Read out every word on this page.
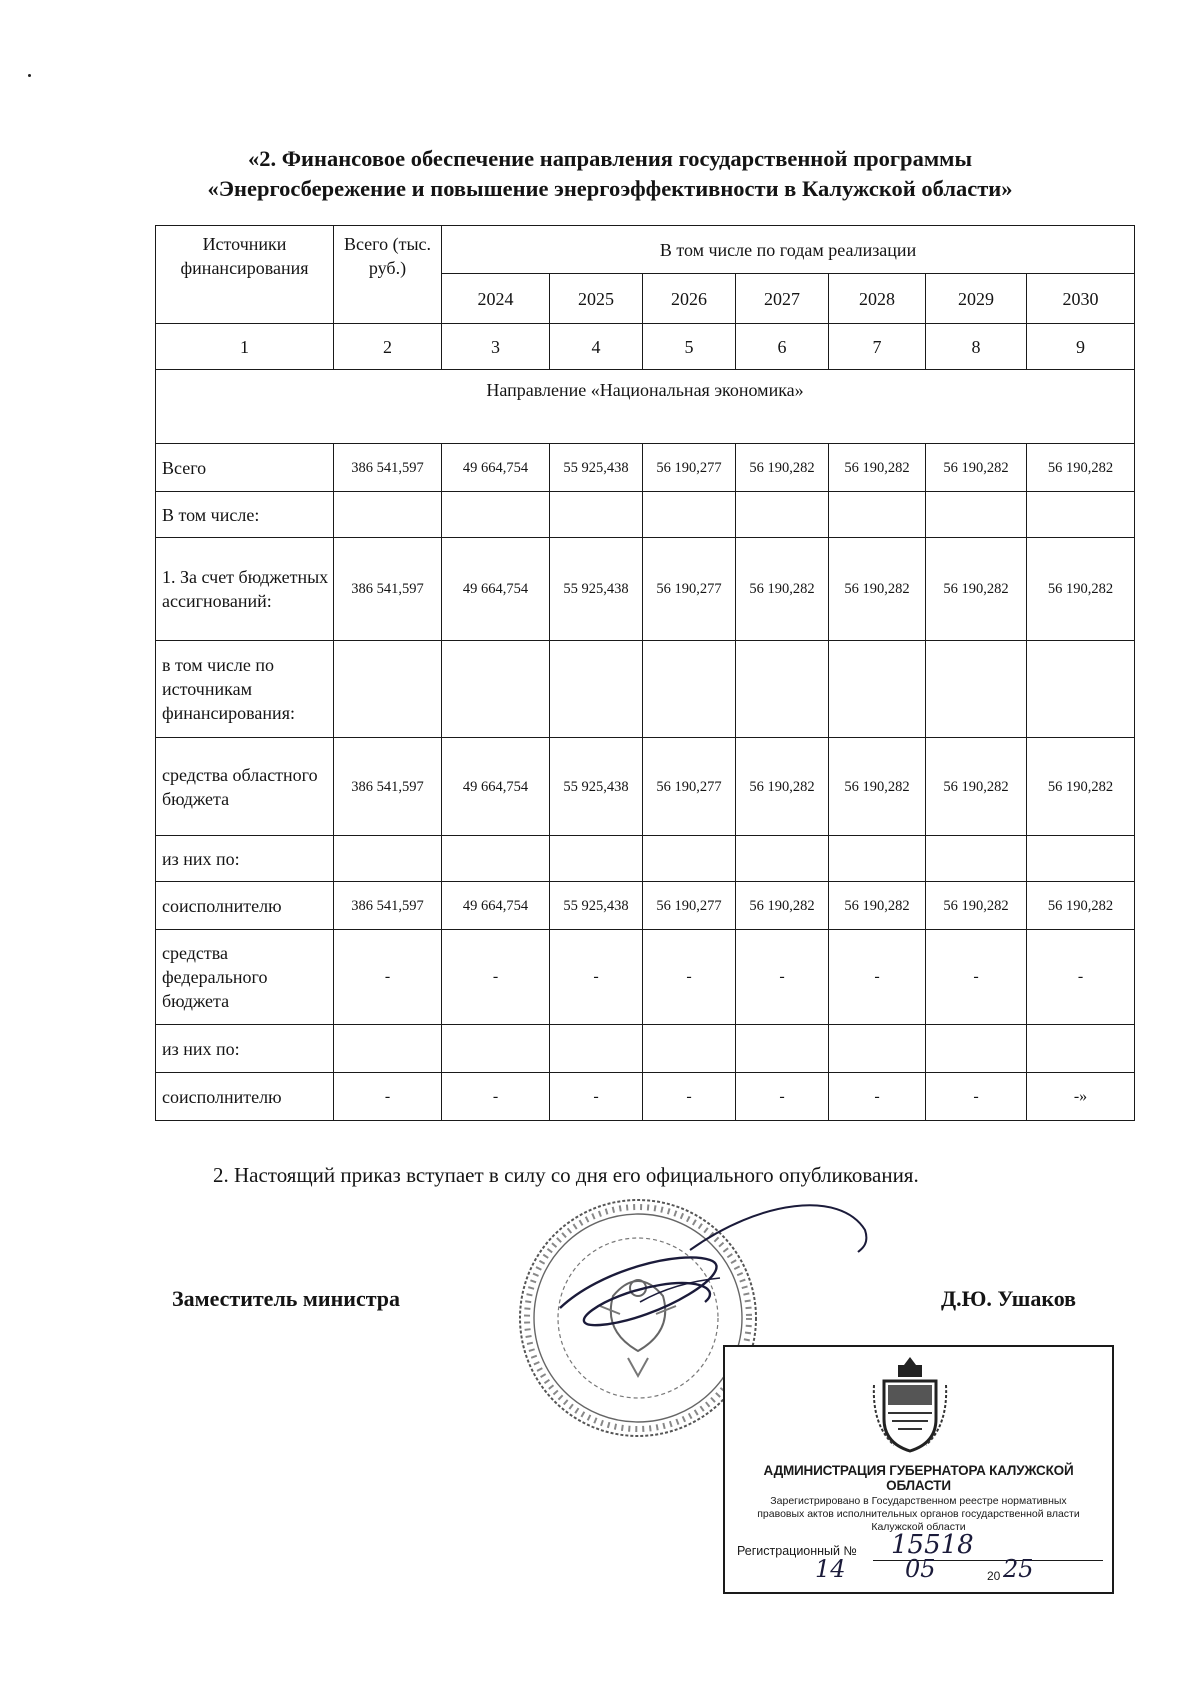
«2. Финансовое обеспечение направления государственной программы
«Энергосбережение и повышение энергоэффективности в Калужской области»
Источники финансирования	Всего (тыс. руб.)	В том числе по годам реализации						
		2024	2025	2026	2027	2028	2029	2030
1	2	3	4	5	6	7	8	9
Направление «Национальная экономика»								
Всего	386 541,597	49 664,754	55 925,438	56 190,277	56 190,282	56 190,282	56 190,282	56 190,282
В том числе:								
1. За счет бюджетных ассигнований:	386 541,597	49 664,754	55 925,438	56 190,277	56 190,282	56 190,282	56 190,282	56 190,282
в том числе по источникам финансирования:								
средства областного бюджета	386 541,597	49 664,754	55 925,438	56 190,277	56 190,282	56 190,282	56 190,282	56 190,282
из них по:								
соисполнителю	386 541,597	49 664,754	55 925,438	56 190,277	56 190,282	56 190,282	56 190,282	56 190,282
средства федерального бюджета	-	-	-	-	-	-	-	-
из них по:								
соисполнителю	-	-	-	-	-	-	-	-»
2. Настоящий приказ вступает в силу со дня его официального опубликования.
Заместитель министра	Д.Ю. Ушаков
АДМИНИСТРАЦИЯ ГУБЕРНАТОРА КАЛУЖСКОЙ ОБЛАСТИ
Зарегистрировано в Государственном реестре нормативных
правовых актов исполнительных органов государственной власти
Калужской области
Регистрационный № 15518
14 05	20 25
